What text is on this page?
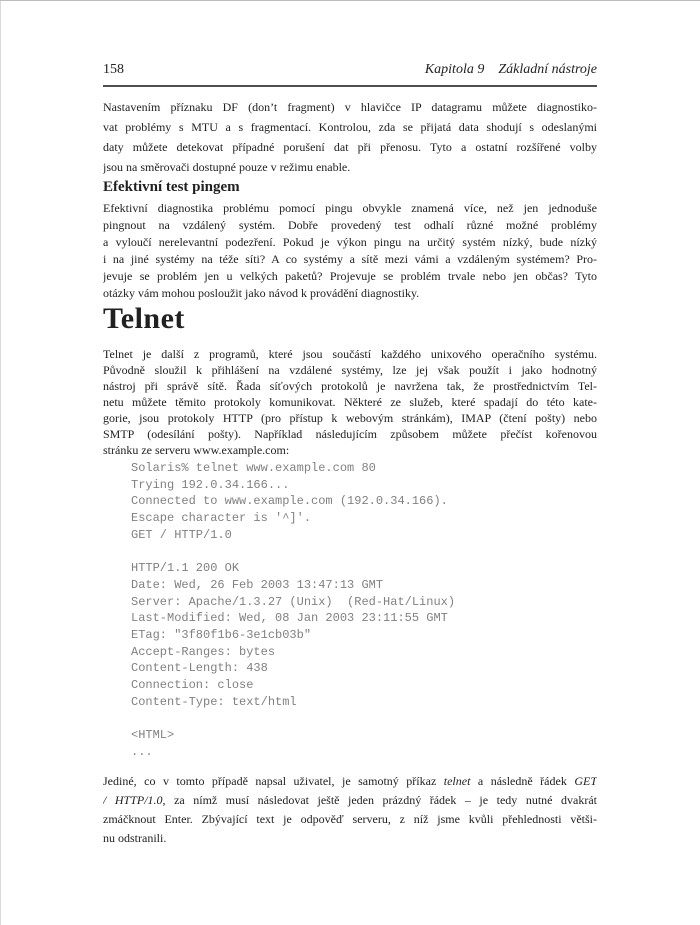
158	Kapitola 9 Základní nástroje
Nastavením příznaku DF (don’t fragment) v hlavičce IP datagramu můžete diagnostiko-
vat problémy s MTU a s fragmentací. Kontrolou, zda se přijatá data shodují s odeslanými
daty můžete detekovat případné porušení dat při přenosu. Tyto a ostatní rozšířené volby
jsou na směrovači dostupné pouze v režimu enable.
Efektivní test pingem
Efektivní diagnostika problému pomocí pingu obvykle znamená více, než jen jednoduše
pingnout na vzdálený systém. Dobře provedený test odhalí různé možné problémy
a vyloučí nerelevantní podezření. Pokud je výkon pingu na určitý systém nízký, bude nízký
i na jiné systémy na téže síti? A co systémy a sítě mezi vámi a vzdáleným systémem? Pro-
jevuje se problém jen u velkých paketů? Projevuje se problém trvale nebo jen občas? Tyto
otázky vám mohou posloužit jako návod k provádění diagnostiky.
Telnet
Telnet je další z programů, které jsou součástí každého unixového operačního systému.
Původně sloužil k přihlášení na vzdálené systémy, lze jej však použít i jako hodnotný
nástroj při správě sítě. Řada síťových protokolů je navržena tak, že prostřednictvím Tel-
netu můžete těmito protokoly komunikovat. Některé ze služeb, které spadají do této kate-
gorie, jsou protokoly HTTP (pro přístup k webovým stránkám), IMAP (čtení pošty) nebo
SMTP (odesílání pošty). Například následujícím způsobem můžete přečíst kořenovou
stránku ze serveru www.example.com:
Solaris% telnet www.example.com 80
Trying 192.0.34.166...
Connected to www.example.com (192.0.34.166).
Escape character is '^]'.
GET / HTTP/1.0

HTTP/1.1 200 OK
Date: Wed, 26 Feb 2003 13:47:13 GMT
Server: Apache/1.3.27 (Unix)  (Red-Hat/Linux)
Last-Modified: Wed, 08 Jan 2003 23:11:55 GMT
ETag: "3f80f1b6-3e1cb03b"
Accept-Ranges: bytes
Content-Length: 438
Connection: close
Content-Type: text/html

<HTML>
...
Jediné, co v tomto případě napsal uživatel, je samotný příkaz telnet a následně řádek GET
/ HTTP/1.0, za nímž musí následovat ještě jeden prázdný řádek – je tedy nutné dvakrát
zmáčknout Enter. Zbývající text je odpověď serveru, z níž jsme kvůli přehlednosti větši-
nu odstranili.
